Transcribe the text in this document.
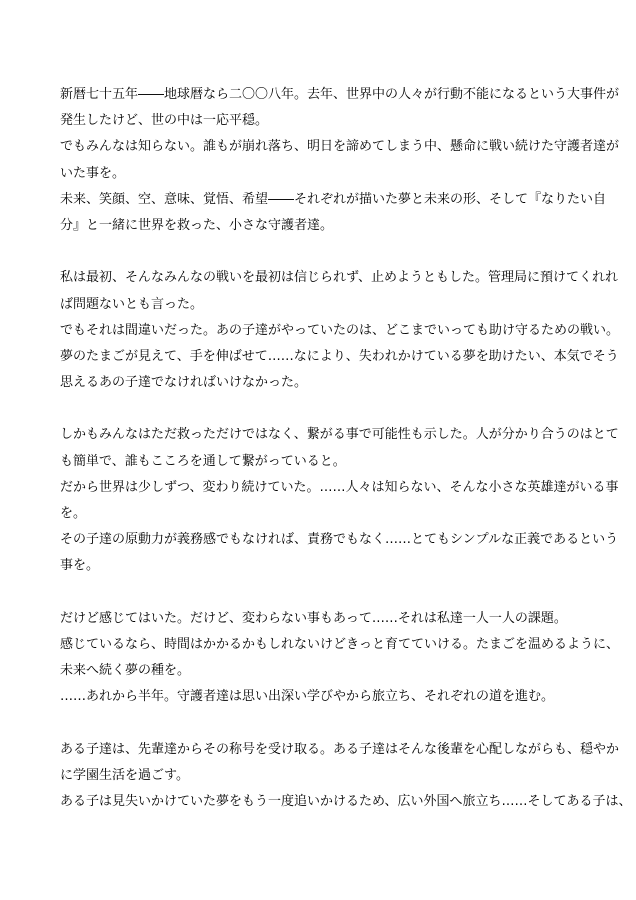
新暦七十五年――地球暦なら二〇〇八年。去年、世界中の人々が行動不能になるという大事件が
発生したけど、世の中は一応平穏。
でもみんなは知らない。誰もが崩れ落ち、明日を諦めてしまう中、懸命に戦い続けた守護者達が
いた事を。
未来、笑顔、空、意味、覚悟、希望――それぞれが描いた夢と未来の形、そして『なりたい自
分』と一緒に世界を救った、小さな守護者達。
私は最初、そんなみんなの戦いを最初は信じられず、止めようともした。管理局に預けてくれれ
ば問題ないとも言った。
でもそれは間違いだった。あの子達がやっていたのは、どこまでいっても助け守るための戦い。
夢のたまごが見えて、手を伸ばせて……なにより、失われかけている夢を助けたい、本気でそう
思えるあの子達でなければいけなかった。
しかもみんなはただ救っただけではなく、繋がる事で可能性も示した。人が分かり合うのはとて
も簡単で、誰もこころを通して繋がっていると。
だから世界は少しずつ、変わり続けていた。……人々は知らない、そんな小さな英雄達がいる事
を。
その子達の原動力が義務感でもなければ、責務でもなく……とてもシンプルな正義であるという
事を。
だけど感じてはいた。だけど、変わらない事もあって……それは私達一人一人の課題。
感じているなら、時間はかかるかもしれないけどきっと育てていける。たまごを温めるように、
未来へ続く夢の種を。
……あれから半年。守護者達は思い出深い学びやから旅立ち、それぞれの道を進む。
ある子達は、先輩達からその称号を受け取る。ある子達はそんな後輩を心配しながらも、穏やか
に学園生活を過ごす。
ある子は見失いかけていた夢をもう一度追いかけるため、広い外国へ旅立ち……そしてある子は、
